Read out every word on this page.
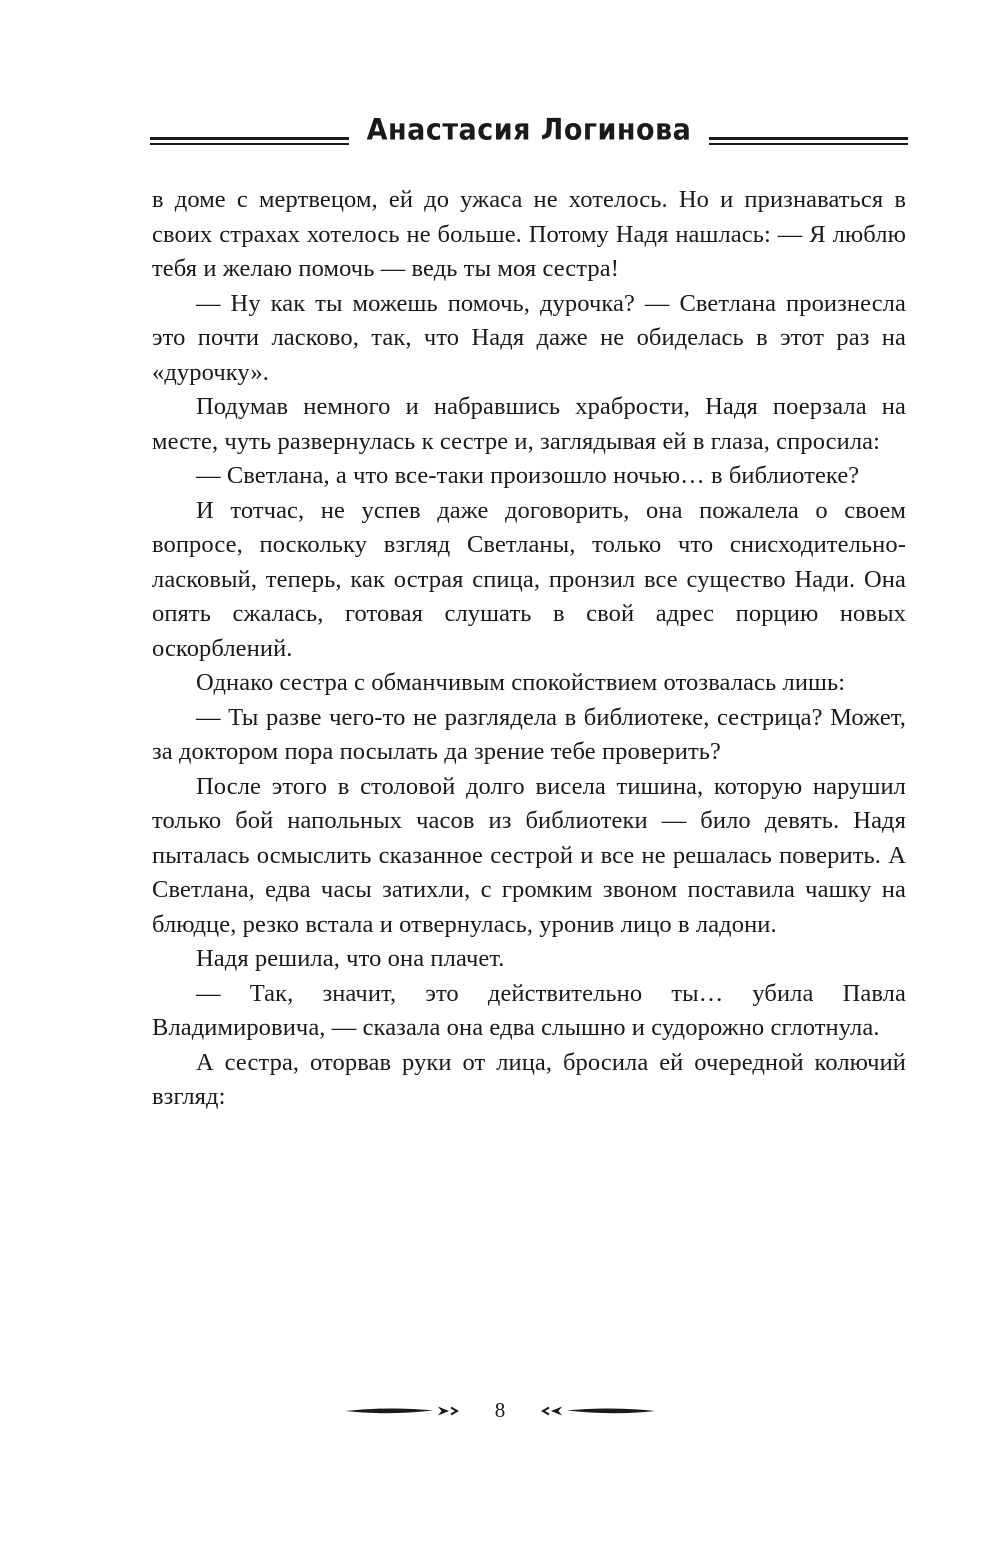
Анастасия Логинова

в доме с мертвецом, ей до ужаса не хотелось. Но и признаваться в своих страхах хотелось не больше. Потому Надя нашлась: — Я люблю тебя и желаю помочь — ведь ты моя сестра!

— Ну как ты можешь помочь, дурочка? — Светлана произнесла это почти ласково, так, что Надя даже не обиделась в этот раз на «дурочку».

Подумав немного и набравшись храбрости, Надя поерзала на месте, чуть развернулась к сестре и, заглядывая ей в глаза, спросила:

— Светлана, а что все-таки произошло ночью… в библиотеке?

И тотчас, не успев даже договорить, она пожалела о своем вопросе, поскольку взгляд Светланы, только что снисходительно-ласковый, теперь, как острая спица, пронзил все существо Нади. Она опять сжалась, готовая слушать в свой адрес порцию новых оскорблений.

Однако сестра с обманчивым спокойствием отозвалась лишь:

— Ты разве чего-то не разглядела в библиотеке, сестрица? Может, за доктором пора посылать да зрение тебе проверить?

После этого в столовой долго висела тишина, которую нарушил только бой напольных часов из библиотеки — било девять. Надя пыталась осмыслить сказанное сестрой и все не решалась поверить. А Светлана, едва часы затихли, с громким звоном поставила чашку на блюдце, резко встала и отвернулась, уронив лицо в ладони.

Надя решила, что она плачет.

— Так, значит, это действительно ты… убила Павла Владимировича, — сказала она едва слышно и судорожно сглотнула.

А сестра, оторвав руки от лица, бросила ей очередной колючий взгляд:

8
